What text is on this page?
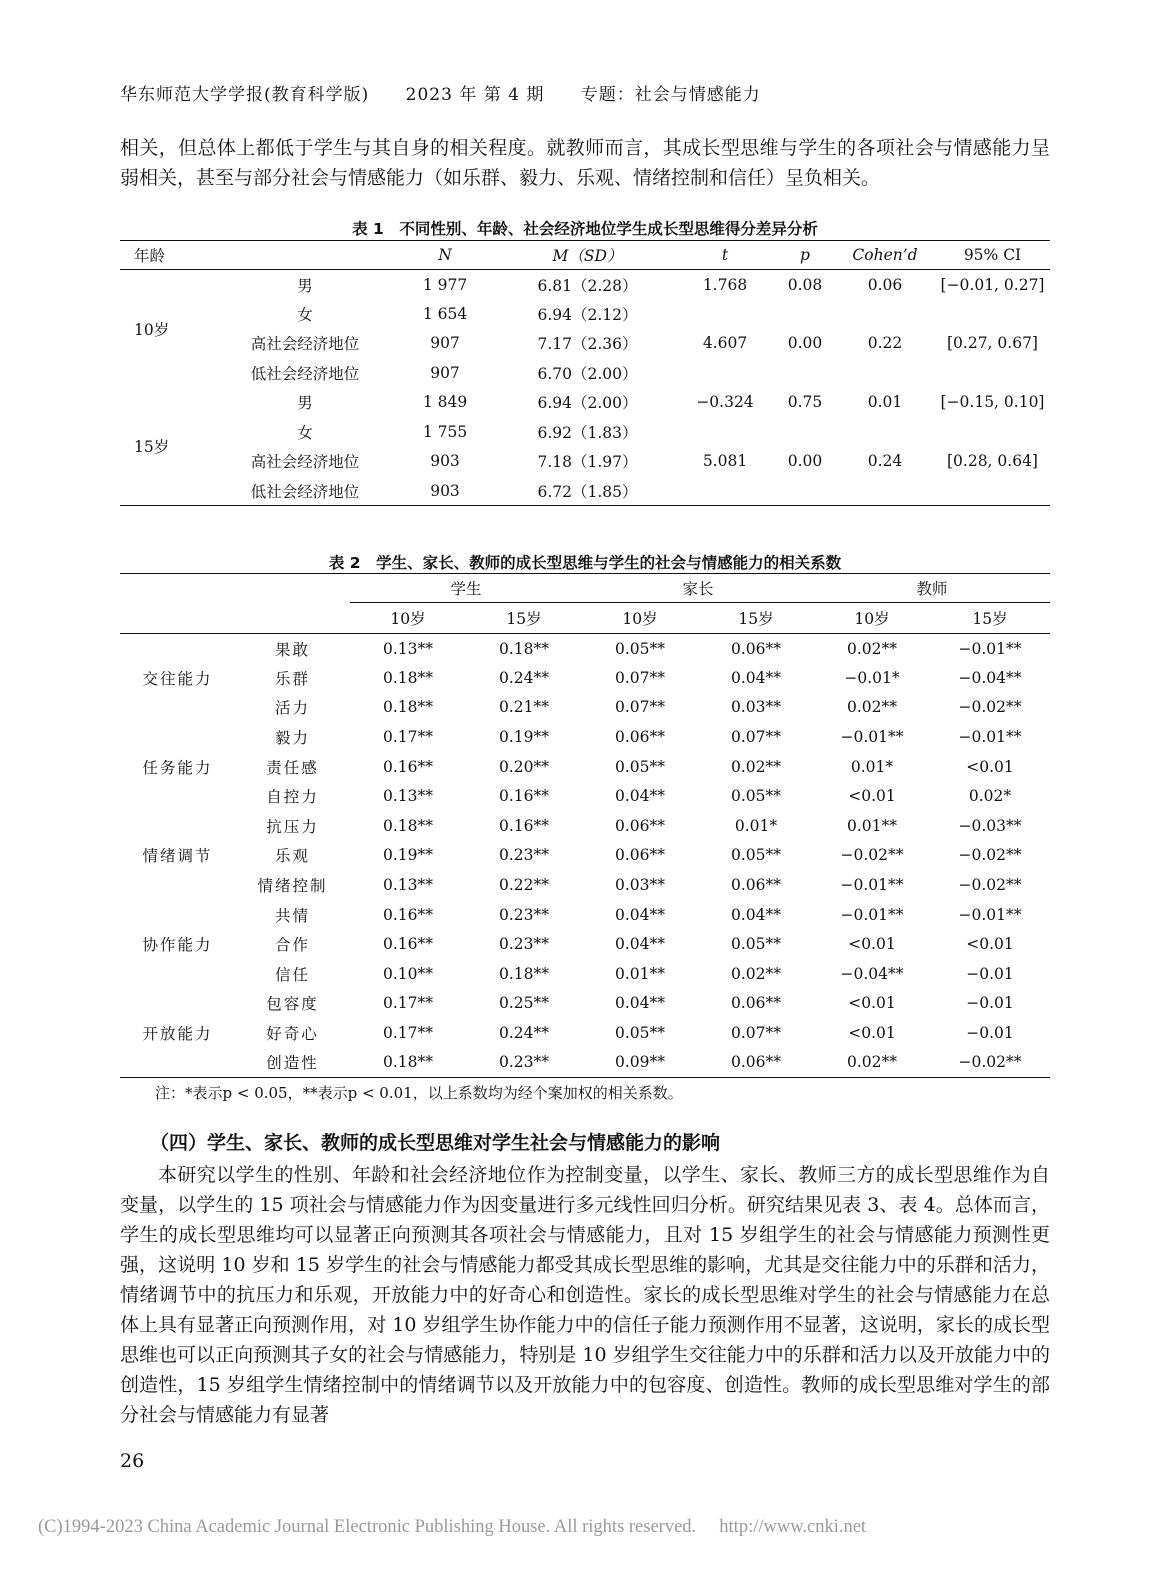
华东师范大学学报(教育科学版) 2023 年 第 4 期 专题：社会与情感能力

相关，但总体上都低于学生与其自身的相关程度。就教师而言，其成长型思维与学生的各项社会与情感能力呈弱相关，甚至与部分社会与情感能力（如乐群、毅力、乐观、情绪控制和信任）呈负相关。

表 1　不同性别、年龄、社会经济地位学生成长型思维得分差异分析
年龄		N	M（SD）	t	p	Cohen’d	95% CI
10岁	男	1 977	6.81（2.28）	1.768	0.08	0.06	[−0.01, 0.27]
	女	1 654	6.94（2.12）				
	高社会经济地位	907	7.17（2.36）	4.607	0.00	0.22	[0.27, 0.67]
	低社会经济地位	907	6.70（2.00）				
15岁	男	1 849	6.94（2.00）	−0.324	0.75	0.01	[−0.15, 0.10]
	女	1 755	6.92（1.83）				
	高社会经济地位	903	7.18（1.97）	5.081	0.00	0.24	[0.28, 0.64]
	低社会经济地位	903	6.72（1.85）				
表 2　学生、家长、教师的成长型思维与学生的社会与情感能力的相关系数
		学生		家长		教师	
		10岁	15岁	10岁	15岁	10岁	15岁
交往能力	果敢	0.13**	0.18**	0.05**	0.06**	0.02**	−0.01**
	乐群	0.18**	0.24**	0.07**	0.04**	−0.01*	−0.04**
	活力	0.18**	0.21**	0.07**	0.03**	0.02**	−0.02**
任务能力	毅力	0.17**	0.19**	0.06**	0.07**	−0.01**	−0.01**
	责任感	0.16**	0.20**	0.05**	0.02**	0.01*	<0.01
	自控力	0.13**	0.16**	0.04**	0.05**	<0.01	0.02*
情绪调节	抗压力	0.18**	0.16**	0.06**	0.01*	0.01**	−0.03**
	乐观	0.19**	0.23**	0.06**	0.05**	−0.02**	−0.02**
	情绪控制	0.13**	0.22**	0.03**	0.06**	−0.01**	−0.02**
协作能力	共情	0.16**	0.23**	0.04**	0.04**	−0.01**	−0.01**
	合作	0.16**	0.23**	0.04**	0.05**	<0.01	<0.01
	信任	0.10**	0.18**	0.01**	0.02**	−0.04**	−0.01
开放能力	包容度	0.17**	0.25**	0.04**	0.06**	<0.01	−0.01
	好奇心	0.17**	0.24**	0.05**	0.07**	<0.01	−0.01
	创造性	0.18**	0.23**	0.09**	0.06**	0.02**	−0.02**
注：*表示p < 0.05，**表示p < 0.01，以上系数均为经个案加权的相关系数。
（四）学生、家长、教师的成长型思维对学生社会与情感能力的影响

本研究以学生的性别、年龄和社会经济地位作为控制变量，以学生、家长、教师三方的成长型思维作为自变量，以学生的 15 项社会与情感能力作为因变量进行多元线性回归分析。研究结果见表 3、表 4。总体而言，学生的成长型思维均可以显著正向预测其各项社会与情感能力，且对 15 岁组学生的社会与情感能力预测性更强，这说明 10 岁和 15 岁学生的社会与情感能力都受其成长型思维的影响，尤其是交往能力中的乐群和活力，情绪调节中的抗压力和乐观，开放能力中的好奇心和创造性。家长的成长型思维对学生的社会与情感能力在总体上具有显著正向预测作用，对 10 岁组学生协作能力中的信任子能力预测作用不显著，这说明，家长的成长型思维也可以正向预测其子女的社会与情感能力，特别是 10 岁组学生交往能力中的乐群和活力以及开放能力中的创造性，15 岁组学生情绪控制中的情绪调节以及开放能力中的包容度、创造性。教师的成长型思维对学生的部分社会与情感能力有显著

26
(C)1994-2023 China Academic Journal Electronic Publishing House. All rights reserved.　 http://www.cnki.net
